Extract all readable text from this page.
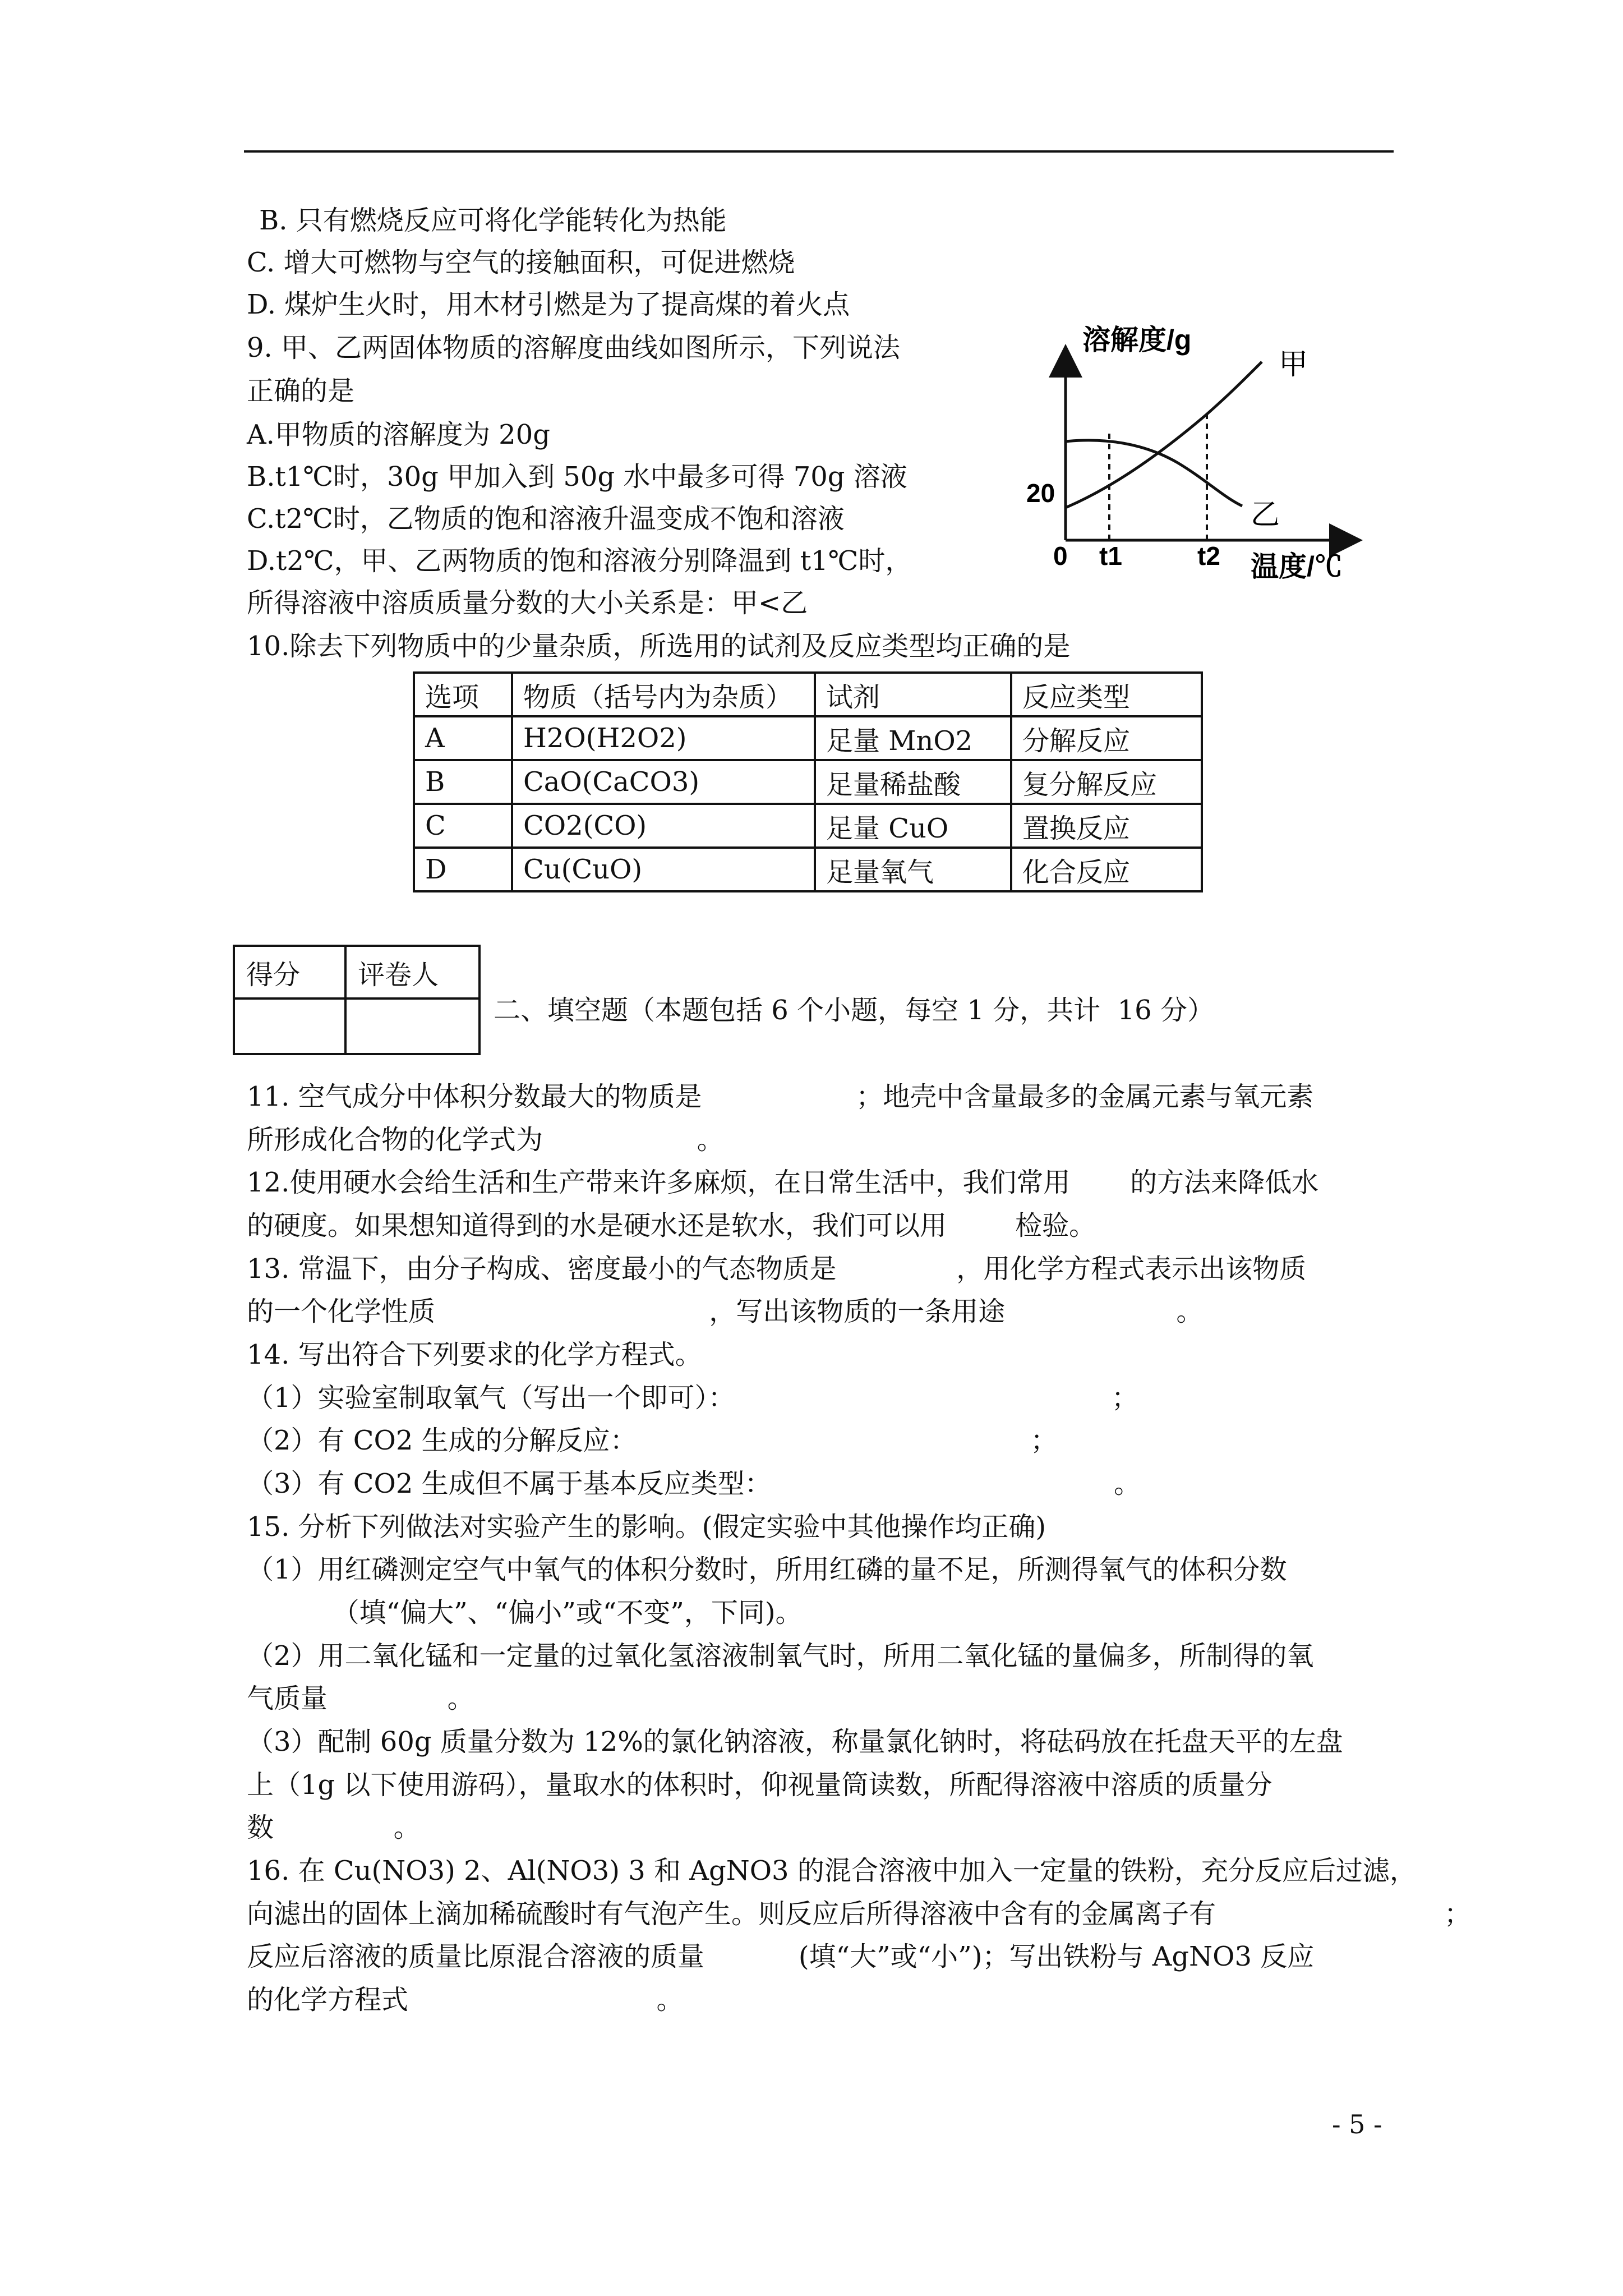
B. 只有燃烧反应可将化学能转化为热能
C. 增大可燃物与空气的接触面积，可促进燃烧
D. 煤炉生火时，用木材引燃是为了提高煤的着火点
9. 甲、乙两固体物质的溶解度曲线如图所示，下列说法
正确的是
A.甲物质的溶解度为 20g
B.t1℃时，30g 甲加入到 50g 水中最多可得 70g 溶液
C.t2℃时，乙物质的饱和溶液升温变成不饱和溶液
D.t2℃，甲、乙两物质的饱和溶液分别降温到 t1℃时，
所得溶液中溶质质量分数的大小关系是：甲<乙
10.除去下列物质中的少量杂质，所选用的试剂及反应类型均正确的是
溶解度/g
温度/℃
20
0 t1	t2
甲
乙
选项	物质（括号内为杂质）	试剂	反应类型
A	H2O(H2O2)	足量 MnO2	分解反应
B	CaO(CaCO3)	足量稀盐酸	复分解反应
C	CO2(CO)	足量 CuO	置换反应
D	Cu(CuO)	足量氧气	化合反应
得分	评卷人

二、填空题（本题包括 6 个小题，每空 1 分，共计  16 分）
11. 空气成分中体积分数最大的物质是                  ；地壳中含量最多的金属元素与氧元素
所形成化合物的化学式为                  。
12.使用硬水会给生活和生产带来许多麻烦，在日常生活中，我们常用       的方法来降低水
的硬度。如果想知道得到的水是硬水还是软水，我们可以用        检验。
13. 常温下，由分子构成、密度最小的气态物质是              ，用化学方程式表示出该物质
的一个化学性质                                ，写出该物质的一条用途                    。
14. 写出符合下列要求的化学方程式。
（1）实验室制取氧气（写出一个即可）：                                            ；
（2）有 CO2 生成的分解反应：                                              ；
（3）有 CO2 生成但不属于基本反应类型：                                        。
15. 分析下列做法对实验产生的影响。(假定实验中其他操作均正确)
（1）用红磷测定空气中氧气的体积分数时，所用红磷的量不足，所测得氧气的体积分数
（填“偏大”、“偏小”或“不变”，下同)。
（2）用二氧化锰和一定量的过氧化氢溶液制氧气时，所用二氧化锰的量偏多，所制得的氧
气质量              。
（3）配制 60g 质量分数为 12%的氯化钠溶液，称量氯化钠时，将砝码放在托盘天平的左盘
上（1g 以下使用游码），量取水的体积时，仰视量筒读数，所配得溶液中溶质的质量分
数              。
16. 在 Cu(NO3) 2、Al(NO3) 3 和 AgNO3 的混合溶液中加入一定量的铁粉，充分反应后过滤，
向滤出的固体上滴加稀硫酸时有气泡产生。则反应后所得溶液中含有的金属离子有	；
反应后溶液的质量比原混合溶液的质量           (填“大”或“小”)；写出铁粉与 AgNO3 反应
的化学方程式                             。
- 5 -
